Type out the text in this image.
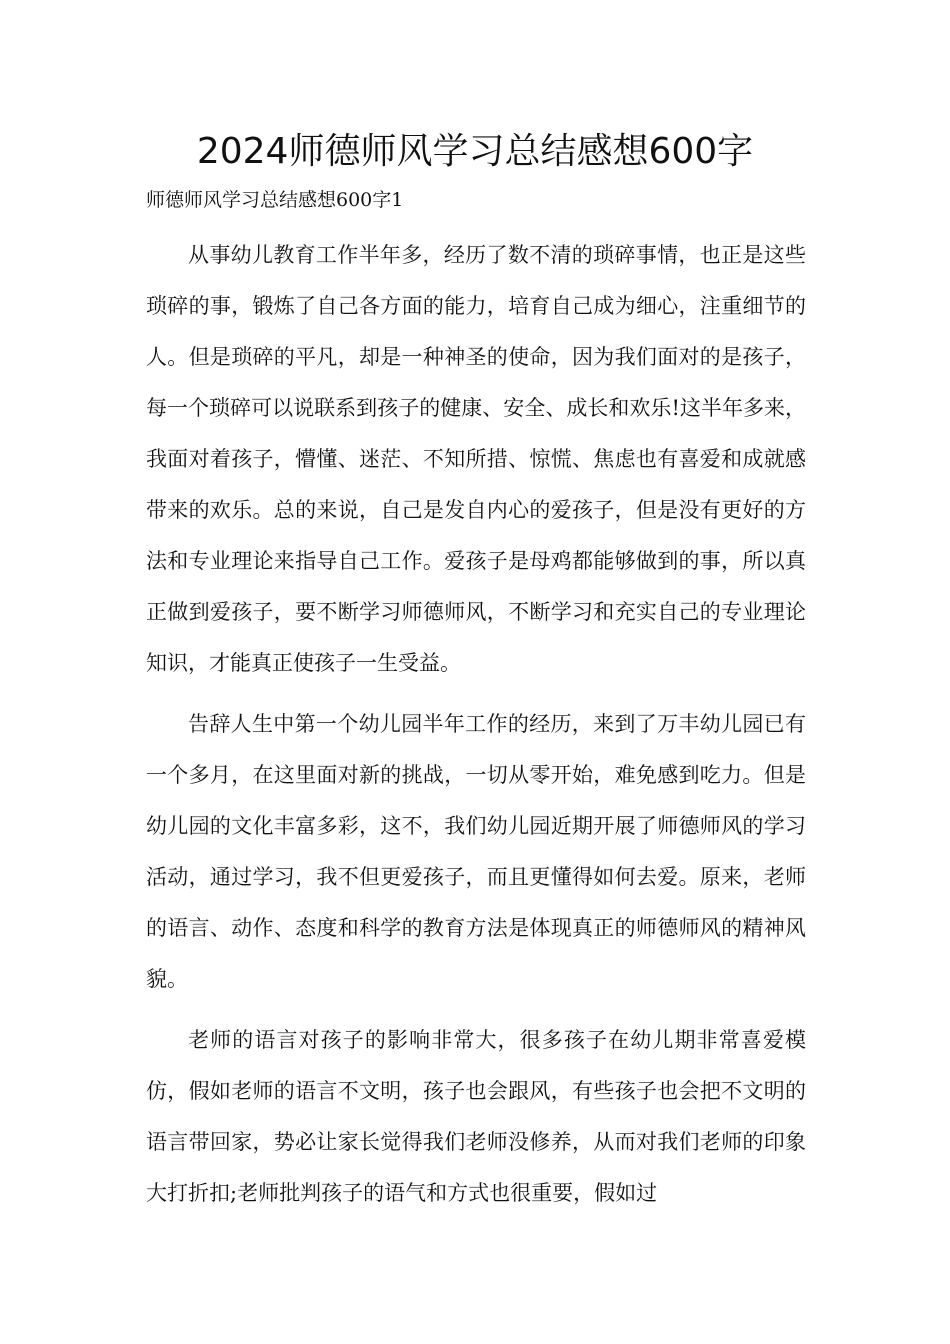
2024师德师风学习总结感想600字
师德师风学习总结感想600字1

从事幼儿教育工作半年多，经历了数不清的琐碎事情，也正是这些琐碎的事，锻炼了自己各方面的能力，培育自己成为细心，注重细节的人。但是琐碎的平凡，却是一种神圣的使命，因为我们面对的是孩子，每一个琐碎可以说联系到孩子的健康、安全、成长和欢乐!这半年多来，我面对着孩子，懵懂、迷茫、不知所措、惊慌、焦虑也有喜爱和成就感带来的欢乐。总的来说，自己是发自内心的爱孩子，但是没有更好的方法和专业理论来指导自己工作。爱孩子是母鸡都能够做到的事，所以真正做到爱孩子，要不断学习师德师风，不断学习和充实自己的专业理论知识，才能真正使孩子一生受益。

告辞人生中第一个幼儿园半年工作的经历，来到了万丰幼儿园已有一个多月，在这里面对新的挑战，一切从零开始，难免感到吃力。但是幼儿园的文化丰富多彩，这不，我们幼儿园近期开展了师德师风的学习活动，通过学习，我不但更爱孩子，而且更懂得如何去爱。原来，老师的语言、动作、态度和科学的教育方法是体现真正的师德师风的精神风貌。

老师的语言对孩子的影响非常大，很多孩子在幼儿期非常喜爱模仿，假如老师的语言不文明，孩子也会跟风，有些孩子也会把不文明的语言带回家，势必让家长觉得我们老师没修养，从而对我们老师的印象大打折扣;老师批判孩子的语气和方式也很重要，假如过
